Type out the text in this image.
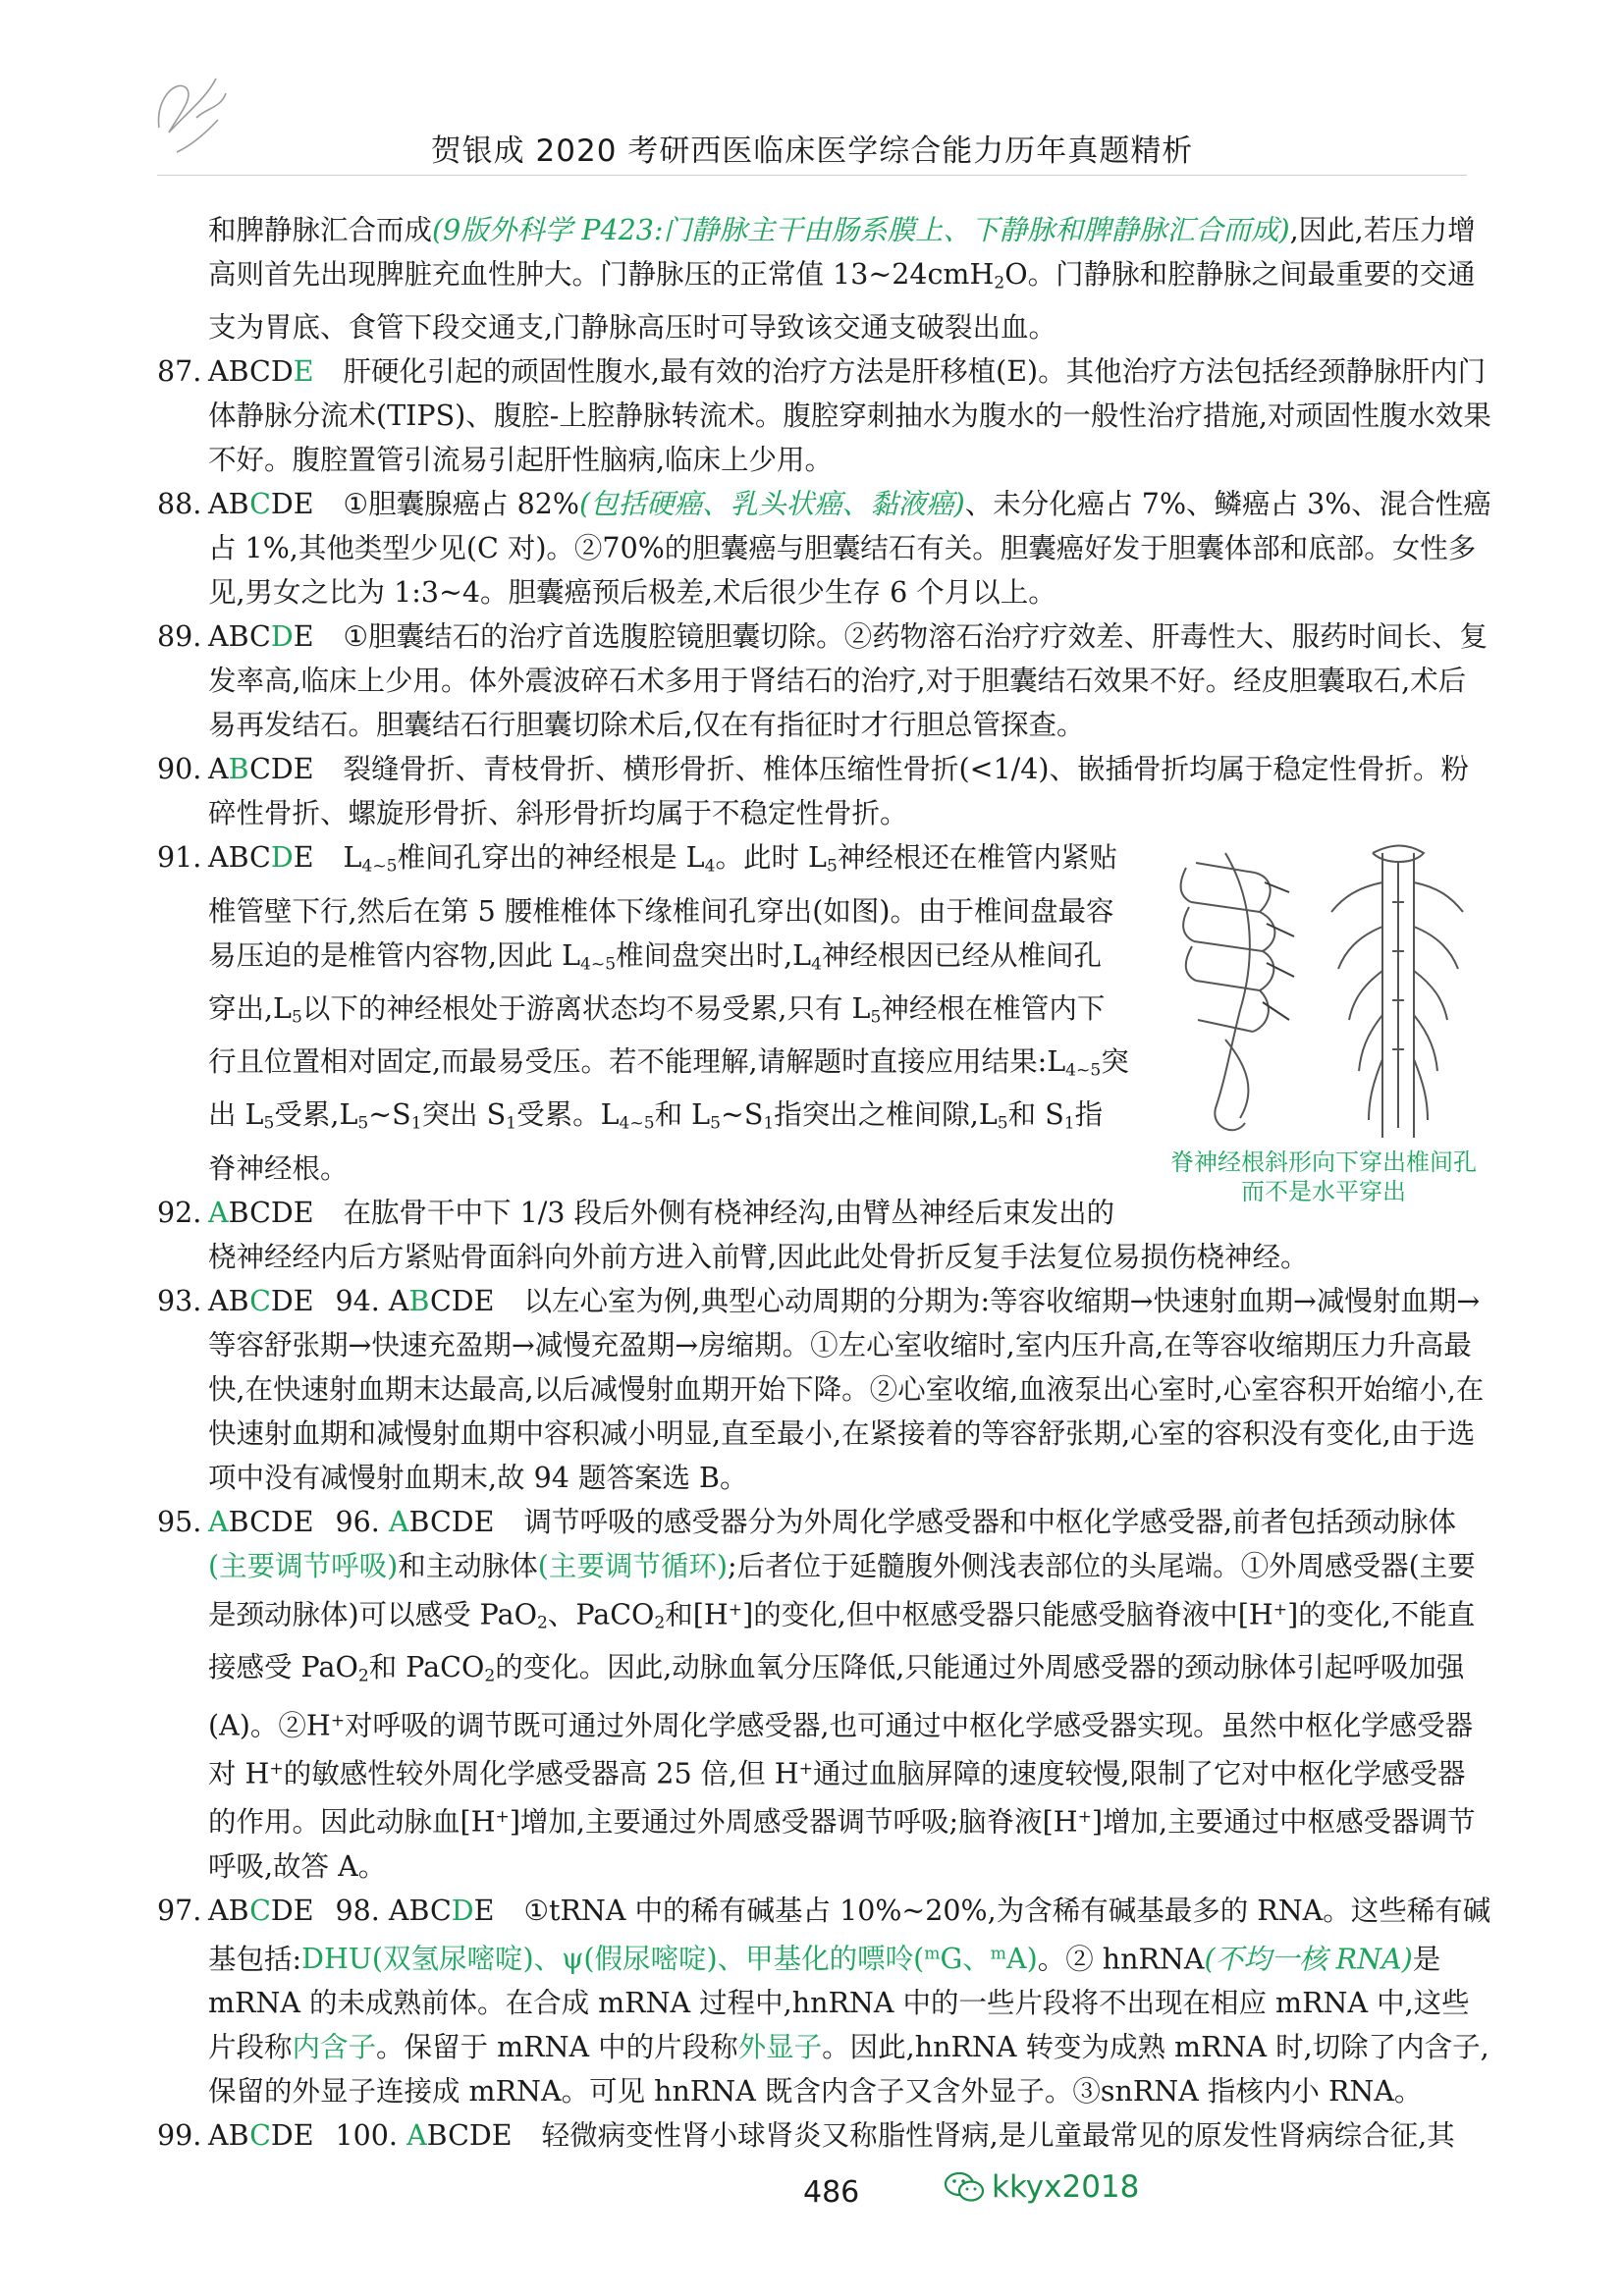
贺银成 2020 考研西医临床医学综合能力历年真题精析

和脾静脉汇合而成(9版外科学 P423:门静脉主干由肠系膜上、下静脉和脾静脉汇合而成),因此,若压力增高则首先出现脾脏充血性肿大。门静脉压的正常值 13~24cmH$_2$O。门静脉和腔静脉之间最重要的交通支为胃底、食管下段交通支,门静脉高压时可导致该交通支破裂出血。

87. ABCDE 肝硬化引起的顽固性腹水,最有效的治疗方法是肝移植(E)。其他治疗方法包括经颈静脉肝内门体静脉分流术(TIPS)、腹腔-上腔静脉转流术。腹腔穿刺抽水为腹水的一般性治疗措施,对顽固性腹水效果不好。腹腔置管引流易引起肝性脑病,临床上少用。

88. ABCDE ①胆囊腺癌占 82%(包括硬癌、乳头状癌、黏液癌)、未分化癌占 7%、鳞癌占 3%、混合性癌占 1%,其他类型少见(C 对)。②70%的胆囊癌与胆囊结石有关。胆囊癌好发于胆囊体部和底部。女性多见,男女之比为 1:3~4。胆囊癌预后极差,术后很少生存 6 个月以上。

89. ABCDE ①胆囊结石的治疗首选腹腔镜胆囊切除。②药物溶石治疗疗效差、肝毒性大、服药时间长、复发率高,临床上少用。体外震波碎石术多用于肾结石的治疗,对于胆囊结石效果不好。经皮胆囊取石,术后易再发结石。胆囊结石行胆囊切除术后,仅在有指征时才行胆总管探查。

90. ABCDE 裂缝骨折、青枝骨折、横形骨折、椎体压缩性骨折(<1/4)、嵌插骨折均属于稳定性骨折。粉碎性骨折、螺旋形骨折、斜形骨折均属于不稳定性骨折。

脊神经根斜形向下穿出椎间孔
而不是水平穿出

91. ABCDE $L_{4\sim 5}$椎间孔穿出的神经根是 $L_4$。此时 $L_5$神经根还在椎管内紧贴椎管壁下行,然后在第 5 腰椎椎体下缘椎间孔穿出(如图)。由于椎间盘最容易压迫的是椎管内容物,因此 $L_{4\sim 5}$椎间盘突出时$,L_4$神经根因已经从椎间孔穿出$,L_5$以下的神经根处于游离状态均不易受累,只有 $L_5$神经根在椎管内下行且位置相对固定,而最易受压。若不能理解,请解题时直接应用结果$:L_{4\sim 5}$突出 $L_5$受累$,L_5\sim S_1$突出 $S_1$受累。$L_{4\sim 5}$和 $L_5\sim S_1$指突出之椎间隙$,L_5$和 $S_1$指脊神经根。

92. ABCDE 在肱骨干中下 1/3 段后外侧有桡神经沟,由臂丛神经后束发出的桡神经经内后方紧贴骨面斜向外前方进入前臂,因此此处骨折反复手法复位易损伤桡神经。

93. ABCDE 94. ABCDE 以左心室为例,典型心动周期的分期为:等容收缩期→快速射血期→减慢射血期→等容舒张期→快速充盈期→减慢充盈期→房缩期。①左心室收缩时,室内压升高,在等容收缩期压力升高最快,在快速射血期末达最高,以后减慢射血期开始下降。②心室收缩,血液泵出心室时,心室容积开始缩小,在快速射血期和减慢射血期中容积减小明显,直至最小,在紧接着的等容舒张期,心室的容积没有变化,由于选项中没有减慢射血期末,故 94 题答案选 B。

95. ABCDE 96. ABCDE 调节呼吸的感受器分为外周化学感受器和中枢化学感受器,前者包括颈动脉体(主要调节呼吸)和主动脉体(主要调节循环);后者位于延髓腹外侧浅表部位的头尾端。①外周感受器(主要是颈动脉体)可以感受 PaO$_2$、PaCO$_2$和[H+]的变化,但中枢感受器只能感受脑脊液中[H+]的变化,不能直接感受 PaO$_2$和 PaCO$_2$的变化。因此,动脉血氧分压降低,只能通过外周感受器的颈动脉体引起呼吸加强(A)。②H+对呼吸的调节既可通过外周化学感受器,也可通过中枢化学感受器实现。虽然中枢化学感受器对 H+的敏感性较外周化学感受器高 25 倍,但 H+通过血脑屏障的速度较慢,限制了它对中枢化学感受器的作用。因此动脉血[H+]增加,主要通过外周感受器调节呼吸;脑脊液[H+]增加,主要通过中枢感受器调节呼吸,故答 A。

97. ABCDE 98. ABCDE ①tRNA 中的稀有碱基占 10%~20%,为含稀有碱基最多的 RNA。这些稀有碱基包括:DHU(双氢尿嘧啶)、ψ(假尿嘧啶)、甲基化的嘌呤($^m$G、$^m$A)。② hnRNA(不均一核 RNA)是 mRNA 的未成熟前体。在合成 mRNA 过程中,hnRNA 中的一些片段将不出现在相应 mRNA 中,这些片段称内含子。保留于 mRNA 中的片段称外显子。因此,hnRNA 转变为成熟 mRNA 时,切除了内含子,保留的外显子连接成 mRNA。可见 hnRNA 既含内含子又含外显子。③snRNA 指核内小 RNA。

99. ABCDE 100. ABCDE 轻微病变性肾小球肾炎又称脂性肾病,是儿童最常见的原发性肾病综合征,其

486	kkyx2018
